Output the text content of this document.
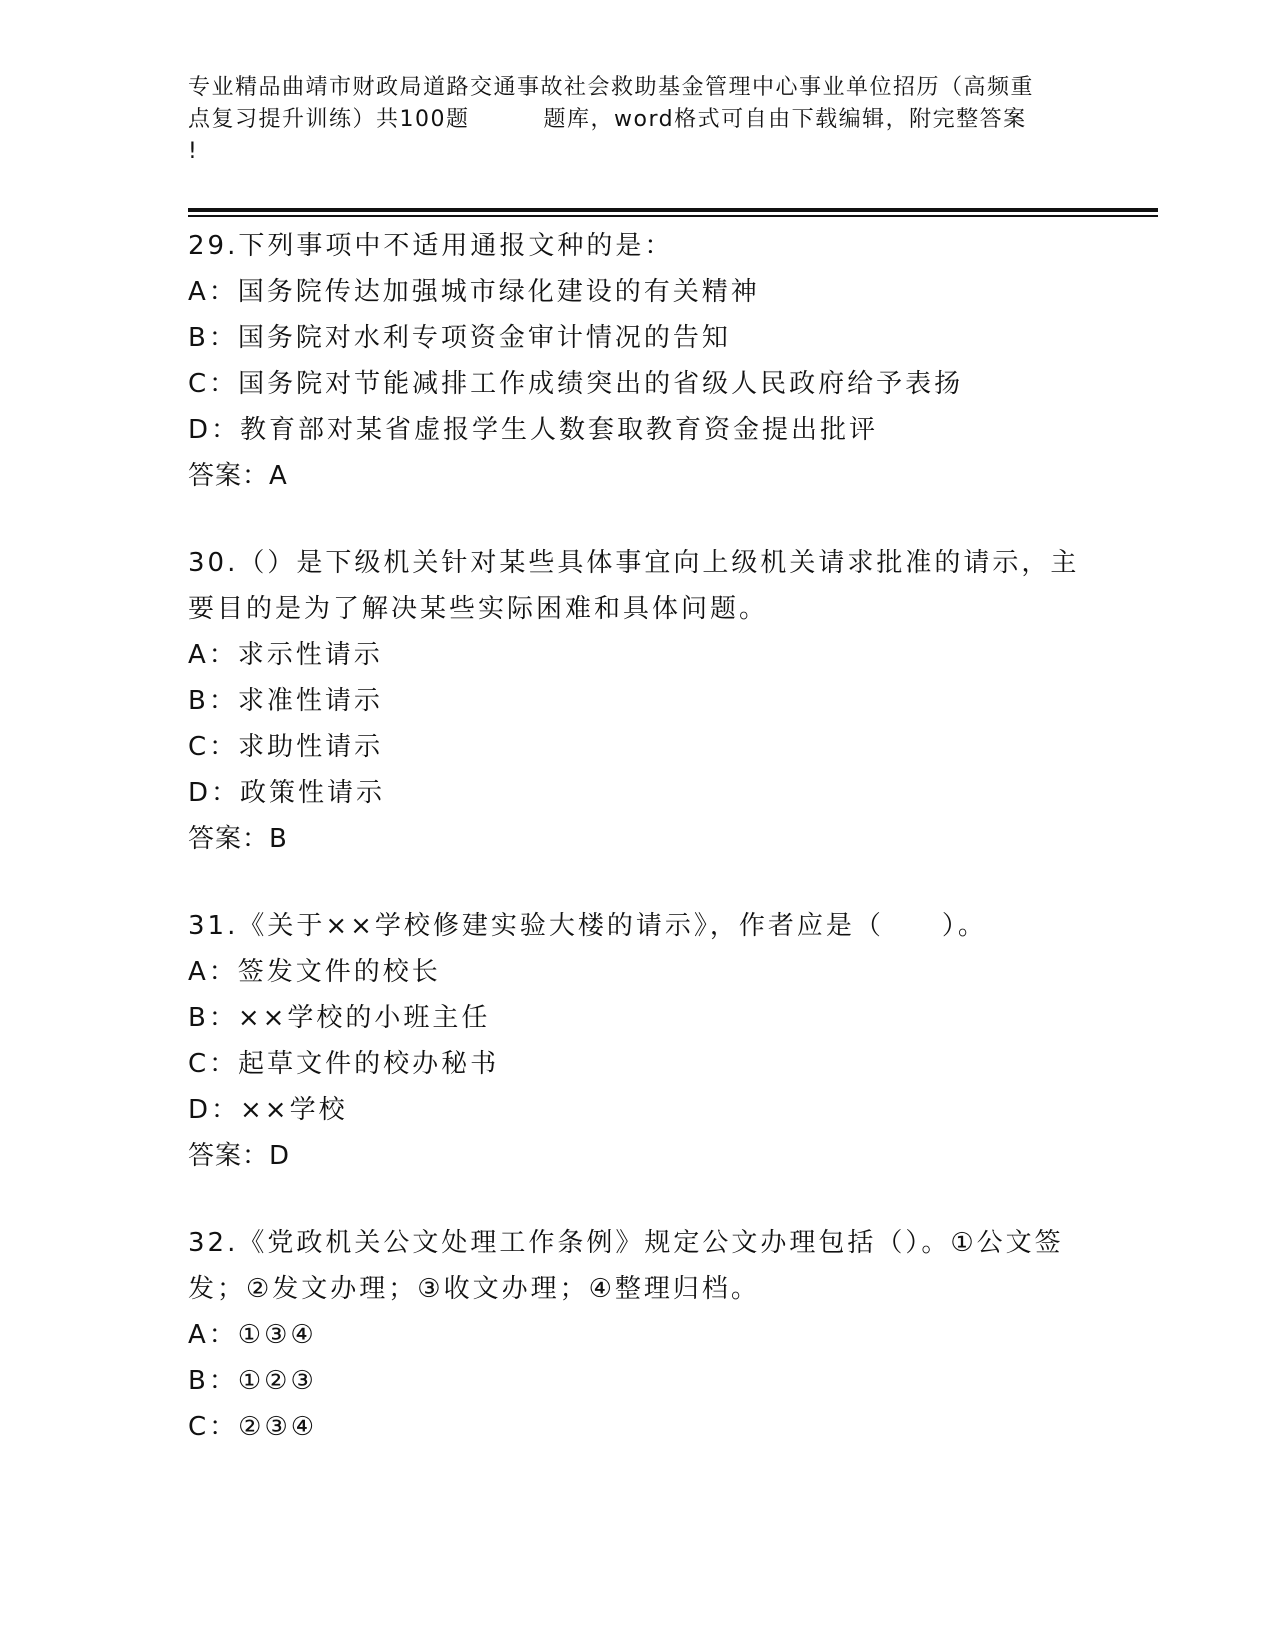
专业精品曲靖市财政局道路交通事故社会救助基金管理中心事业单位招历（高频重
点复习提升训练）共100题	题库，word格式可自由下载编辑，附完整答案
!
29.下列事项中不适用通报文种的是：
A：国务院传达加强城市绿化建设的有关精神
B：国务院对水利专项资金审计情况的告知
C：国务院对节能减排工作成绩突出的省级人民政府给予表扬
D：教育部对某省虚报学生人数套取教育资金提出批评
答案：A
30.（）是下级机关针对某些具体事宜向上级机关请求批准的请示，主
要目的是为了解决某些实际困难和具体问题。
A：求示性请示
B：求准性请示
C：求助性请示
D：政策性请示
答案：B
31.《关于××学校修建实验大楼的请示》，作者应是（　　）。
A：签发文件的校长
B：××学校的小班主任
C：起草文件的校办秘书
D：××学校
答案：D
32.《党政机关公文处理工作条例》规定公文办理包括（）。①公文签
发；②发文办理；③收文办理；④整理归档。
A：①③④
B：①②③
C：②③④
